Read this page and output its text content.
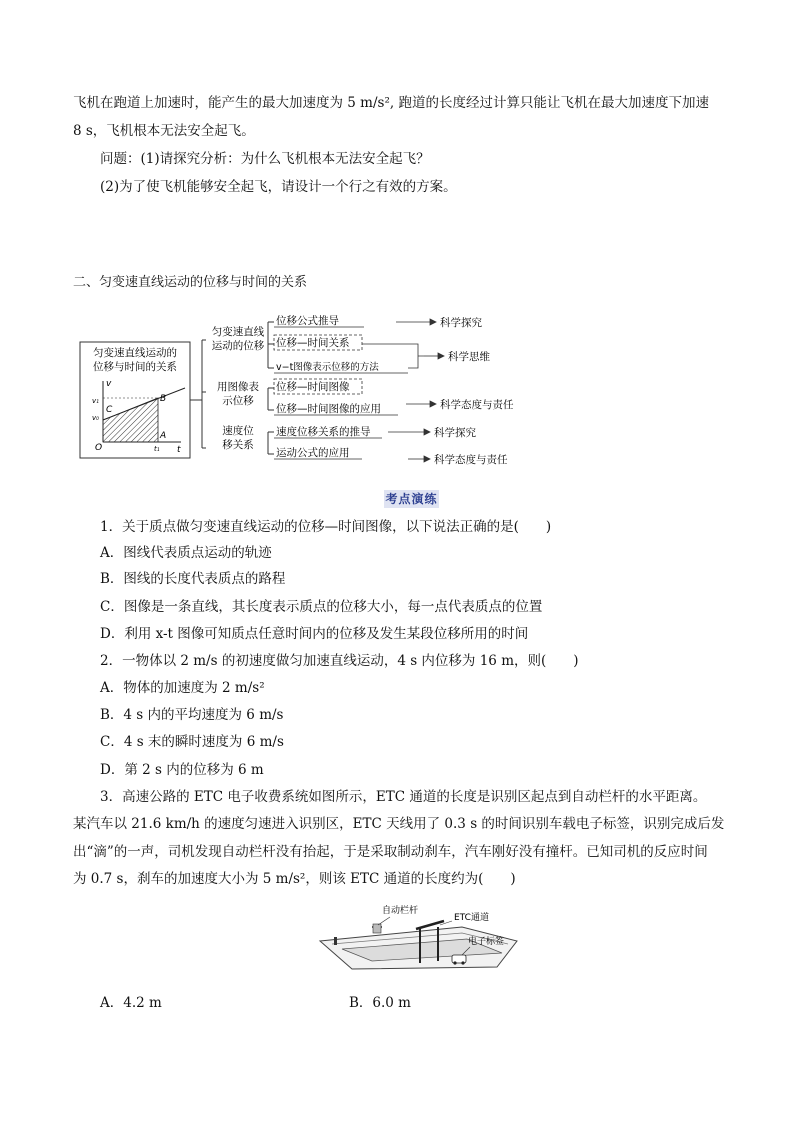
飞机在跑道上加速时，能产生的最大加速度为 5 m/s², 跑道的长度经过计算只能让飞机在最大加速度下加速
8 s，飞机根本无法安全起飞。
问题：(1)请探究分析：为什么飞机根本无法安全起飞？
(2)为了使飞机能够安全起飞，请设计一个行之有效的方案。
二、匀变速直线运动的位移与时间的关系
匀变速直线运动的
位移与时间的关系
v
t
O
v₁
v₀
B
C
A
t₁
匀变速直线
运动的位移
用图像表
示位移
速度位
移关系
位移公式推导
位移—时间关系
v−t图像表示位移的方法
位移—时间图像
位移—时间图像的应用
速度位移关系的推导
运动公式的应用
科学探究
科学思维
科学态度与责任
科学探究
科学态度与责任
考点演练
1．关于质点做匀变速直线运动的位移—时间图像，以下说法正确的是(　　)
A．图线代表质点运动的轨迹
B．图线的长度代表质点的路程
C．图像是一条直线，其长度表示质点的位移大小，每一点代表质点的位置
D．利用 x-t 图像可知质点任意时间内的位移及发生某段位移所用的时间
2．一物体以 2 m/s 的初速度做匀加速直线运动，4 s 内位移为 16 m，则(　　)
A．物体的加速度为 2 m/s²
B．4 s 内的平均速度为 6 m/s
C．4 s 末的瞬时速度为 6 m/s
D．第 2 s 内的位移为 6 m
3．高速公路的 ETC 电子收费系统如图所示，ETC 通道的长度是识别区起点到自动栏杆的水平距离。
某汽车以 21.6 km/h 的速度匀速进入识别区，ETC 天线用了 0.3 s 的时间识别车载电子标签，识别完成后发
出“滴”的一声，司机发现自动栏杆没有抬起，于是采取制动刹车，汽车刚好没有撞杆。已知司机的反应时间
为 0.7 s，刹车的加速度大小为 5 m/s²，则该 ETC 通道的长度约为(　　)
自动栏杆
ETC通道
电子标签
A．4.2 m	B．6.0 m
